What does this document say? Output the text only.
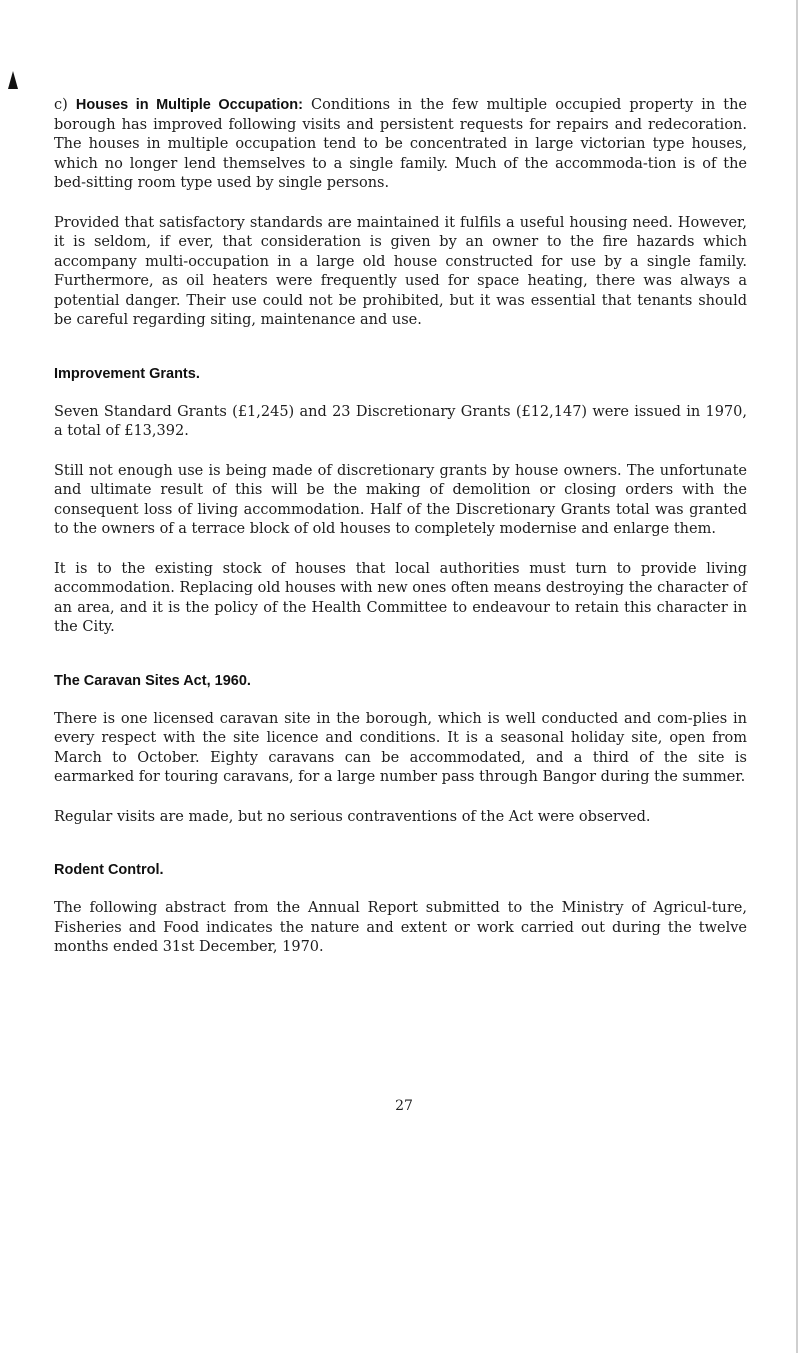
c) Houses in Multiple Occupation: Conditions in the few multiple occupied property in the borough has improved following visits and persistent requests for repairs and redecoration. The houses in multiple occupation tend to be concentrated in large victorian type houses, which no longer lend themselves to a single family. Much of the accommoda-tion is of the bed-sitting room type used by single persons.

Provided that satisfactory standards are maintained it fulfils a useful housing need. However, it is seldom, if ever, that consideration is given by an owner to the fire hazards which accompany multi-occupation in a large old house constructed for use by a single family. Furthermore, as oil heaters were frequently used for space heating, there was always a potential danger. Their use could not be prohibited, but it was essential that tenants should be careful regarding siting, maintenance and use.

Improvement Grants.

Seven Standard Grants (£1,245) and 23 Discretionary Grants (£12,147) were issued in 1970, a total of £13,392.

Still not enough use is being made of discretionary grants by house owners. The unfortunate and ultimate result of this will be the making of demolition or closing orders with the consequent loss of living accommodation. Half of the Discretionary Grants total was granted to the owners of a terrace block of old houses to completely modernise and enlarge them.

It is to the existing stock of houses that local authorities must turn to provide living accommodation. Replacing old houses with new ones often means destroying the character of an area, and it is the policy of the Health Committee to endeavour to retain this character in the City.

The Caravan Sites Act, 1960.

There is one licensed caravan site in the borough, which is well conducted and com-plies in every respect with the site licence and conditions. It is a seasonal holiday site, open from March to October. Eighty caravans can be accommodated, and a third of the site is earmarked for touring caravans, for a large number pass through Bangor during the summer.

Regular visits are made, but no serious contraventions of the Act were observed.

Rodent Control.

The following abstract from the Annual Report submitted to the Ministry of Agricul-ture, Fisheries and Food indicates the nature and extent or work carried out during the twelve months ended 31st December, 1970.

27
